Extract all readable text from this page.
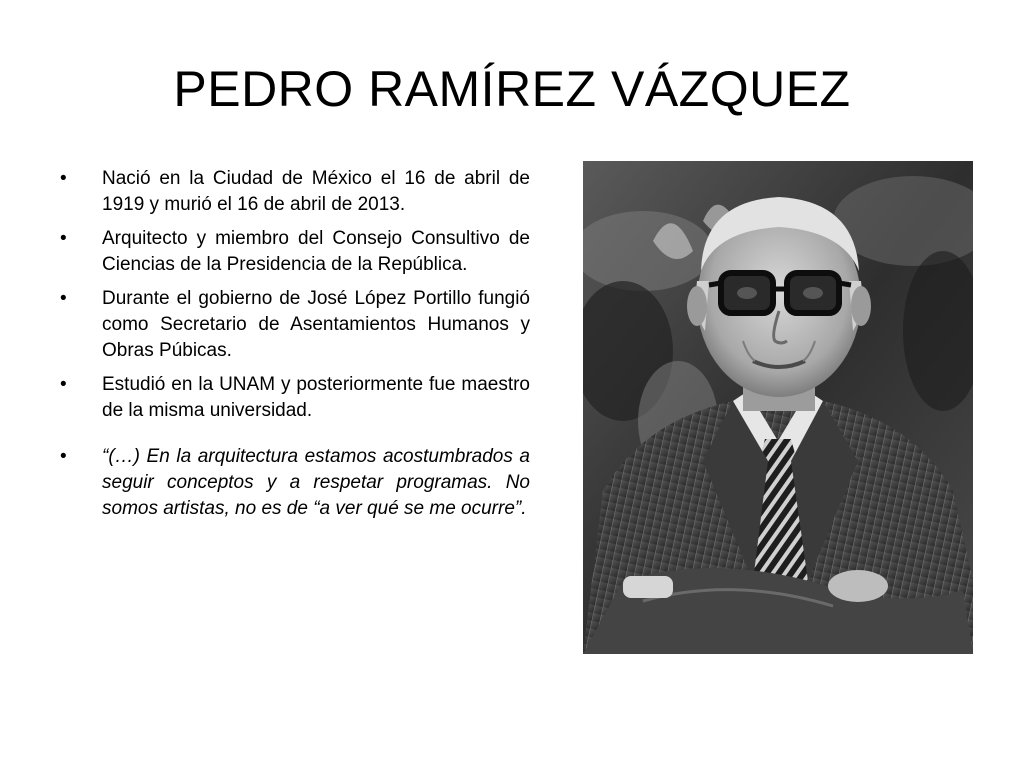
PEDRO RAMÍREZ VÁZQUEZ
•	Nació en la Ciudad de México el 16 de abril de 1919 y murió el 16 de abril de 2013.
•	Arquitecto y miembro del Consejo Consultivo de Ciencias de la Presidencia de la República.
•	Durante el gobierno de José López Portillo fungió como Secretario de Asentamientos Humanos y Obras Púbicas.
•	Estudió en la UNAM y posteriormente fue maestro de la misma universidad.
•	“(…) En la arquitectura estamos acostumbrados a seguir conceptos y a respetar programas. No somos artistas, no es de “a ver qué se me ocurre”.
